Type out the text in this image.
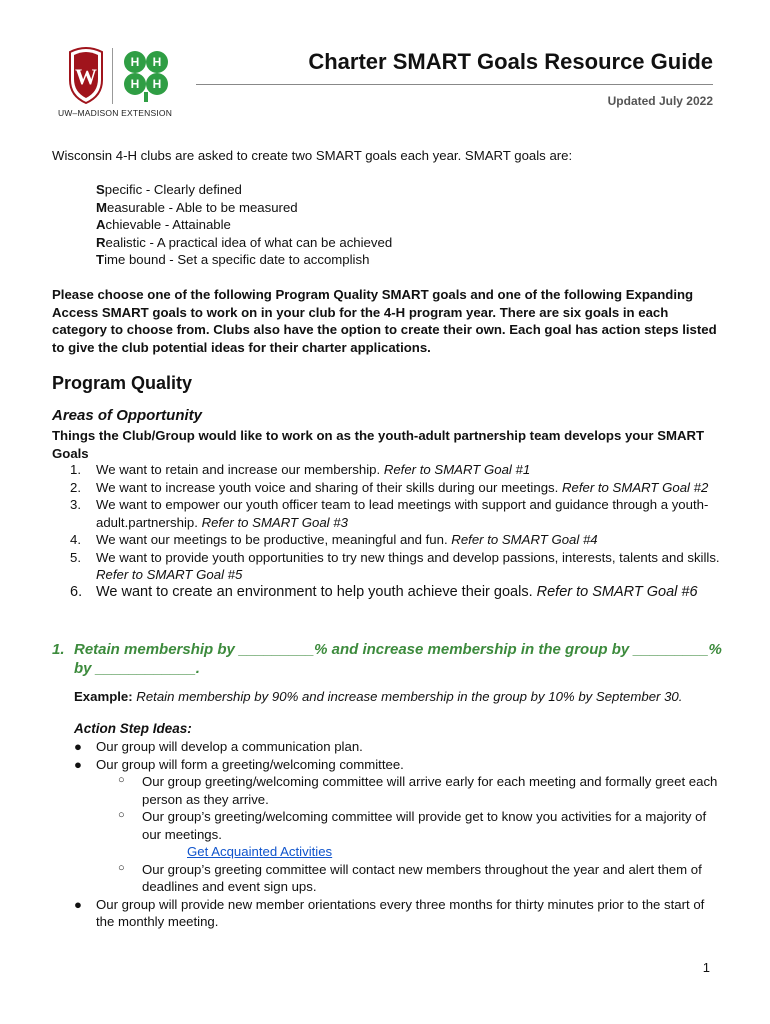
W
H H
H H
UW–MADISON EXTENSION
Charter SMART Goals Resource Guide
Updated July 2022
Wisconsin 4-H clubs are asked to create two SMART goals each year. SMART goals are:
Specific - Clearly defined
Measurable - Able to be measured
Achievable - Attainable
Realistic - A practical idea of what can be achieved
Time bound - Set a specific date to accomplish
Please choose one of the following Program Quality SMART goals and one of the following Expanding Access SMART goals to work on in your club for the 4-H program year. There are six goals in each category to choose from. Clubs also have the option to create their own. Each goal has action steps listed to give the club potential ideas for their charter applications.
Program Quality
Areas of Opportunity
Things the Club/Group would like to work on as the youth-adult partnership team develops your SMART Goals
1. We want to retain and increase our membership. Refer to SMART Goal #1
2. We want to increase youth voice and sharing of their skills during our meetings. Refer to SMART Goal #2
3. We want to empower our youth officer team to lead meetings with support and guidance through a youth-adult.partnership. Refer to SMART Goal #3
4. We want our meetings to be productive, meaningful and fun. Refer to SMART Goal #4
5. We want to provide youth opportunities to try new things and develop passions, interests, talents and skills. Refer to SMART Goal #5
6. We want to create an environment to help youth achieve their goals. Refer to SMART Goal #6
1. Retain membership by _________% and increase membership in the group by _________% by ____________.
Example: Retain membership by 90% and increase membership in the group by 10% by September 30.
Action Step Ideas:
● Our group will develop a communication plan.
● Our group will form a greeting/welcoming committee.
○ Our group greeting/welcoming committee will arrive early for each meeting and formally greet each person as they arrive.
○ Our group’s greeting/welcoming committee will provide get to know you activities for a majority of our meetings.
Get Acquainted Activities
○ Our group’s greeting committee will contact new members throughout the year and alert them of deadlines and event sign ups.
● Our group will provide new member orientations every three months for thirty minutes prior to the start of the monthly meeting.
1
